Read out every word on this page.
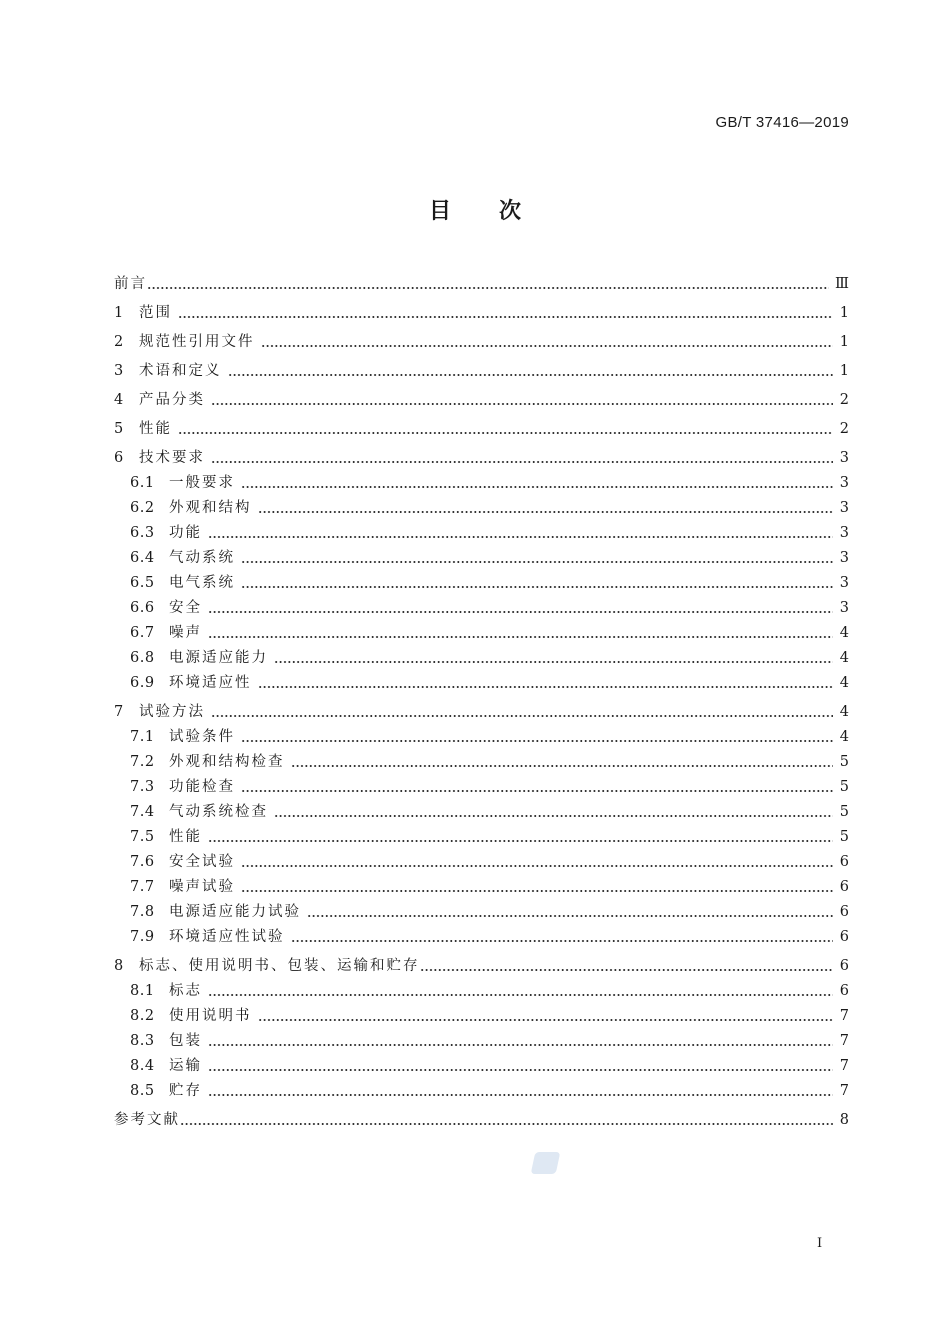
GB/T 37416—2019
目次
前言	Ⅲ
1	范围	1
2	规范性引用文件	1
3	术语和定义	1
4	产品分类	2
5	性能	2
6	技术要求	3
6.1 一般要求	3
6.2 外观和结构	3
6.3 功能	3
6.4 气动系统	3
6.5 电气系统	3
6.6 安全	3
6.7 噪声	4
6.8 电源适应能力	4
6.9 环境适应性	4
7	试验方法	4
7.1 试验条件	4
7.2 外观和结构检查	5
7.3 功能检查	5
7.4 气动系统检查	5
7.5 性能	5
7.6 安全试验	6
7.7 噪声试验	6
7.8 电源适应能力试验	6
7.9 环境适应性试验	6
8	标志、使用说明书、包装、运输和贮存	6
8.1 标志	6
8.2 使用说明书	7
8.3 包装	7
8.4 运输	7
8.5 贮存	7
参考文献	8
Ⅰ
